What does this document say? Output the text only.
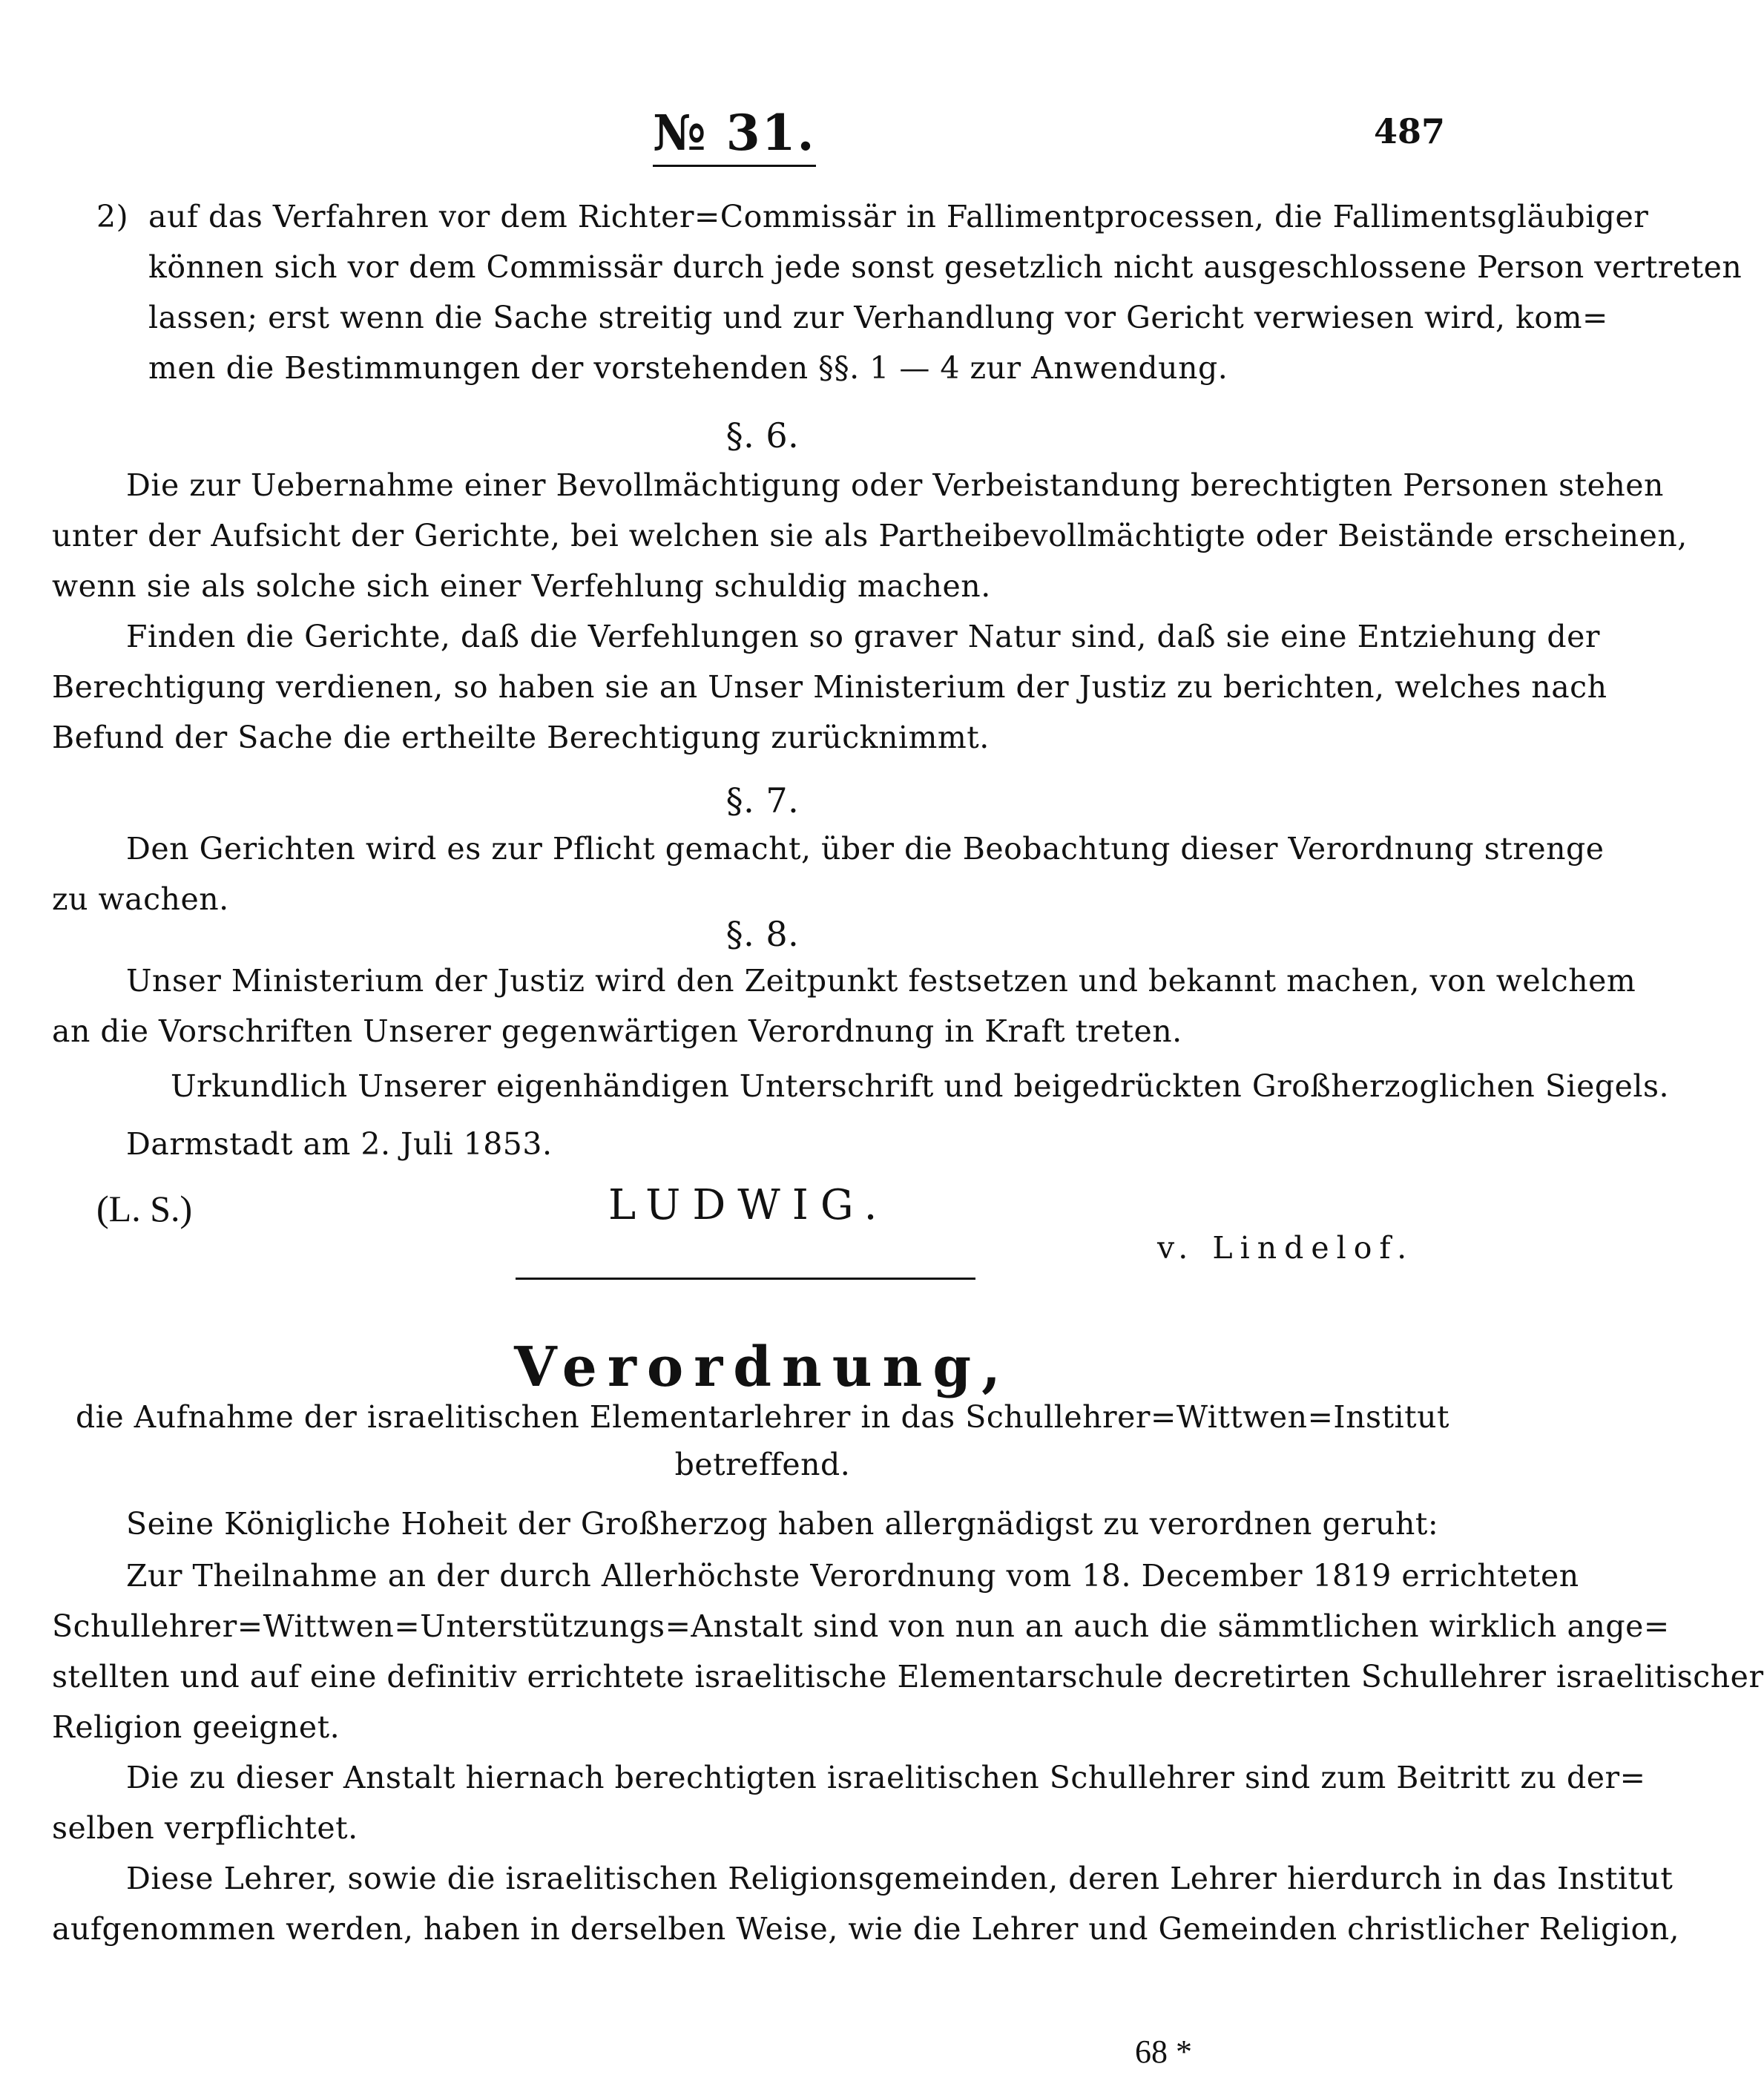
№ 31.	487
2) auf das Verfahren vor dem Richter=Commissär in Fallimentprocessen, die Fallimentsgläubiger
können sich vor dem Commissär durch jede sonst gesetzlich nicht ausgeschlossene Person vertreten
lassen; erst wenn die Sache streitig und zur Verhandlung vor Gericht verwiesen wird, kom=
men die Bestimmungen der vorstehenden §§. 1 — 4 zur Anwendung.
§. 6.
Die zur Uebernahme einer Bevollmächtigung oder Verbeistandung berechtigten Personen stehen
unter der Aufsicht der Gerichte, bei welchen sie als Partheibevollmächtigte oder Beistände erscheinen,
wenn sie als solche sich einer Verfehlung schuldig machen.
Finden die Gerichte, daß die Verfehlungen so graver Natur sind, daß sie eine Entziehung der
Berechtigung verdienen, so haben sie an Unser Ministerium der Justiz zu berichten, welches nach
Befund der Sache die ertheilte Berechtigung zurücknimmt.
§. 7.
Den Gerichten wird es zur Pflicht gemacht, über die Beobachtung dieser Verordnung strenge
zu wachen.
§. 8.
Unser Ministerium der Justiz wird den Zeitpunkt festsetzen und bekannt machen, von welchem
an die Vorschriften Unserer gegenwärtigen Verordnung in Kraft treten.
Urkundlich Unserer eigenhändigen Unterschrift und beigedrückten Großherzoglichen Siegels.
Darmstadt am 2. Juli 1853.
(L. S.)	LUDWIG.
v. Lindelof.
Verordnung,
die Aufnahme der israelitischen Elementarlehrer in das Schullehrer=Wittwen=Institut
betreffend.
Seine Königliche Hoheit der Großherzog haben allergnädigst zu verordnen geruht:
Zur Theilnahme an der durch Allerhöchste Verordnung vom 18. December 1819 errichteten
Schullehrer=Wittwen=Unterstützungs=Anstalt sind von nun an auch die sämmtlichen wirklich ange=
stellten und auf eine definitiv errichtete israelitische Elementarschule decretirten Schullehrer israelitischer
Religion geeignet.
Die zu dieser Anstalt hiernach berechtigten israelitischen Schullehrer sind zum Beitritt zu der=
selben verpflichtet.
Diese Lehrer, sowie die israelitischen Religionsgemeinden, deren Lehrer hierdurch in das Institut
aufgenommen werden, haben in derselben Weise, wie die Lehrer und Gemeinden christlicher Religion,
68 *
